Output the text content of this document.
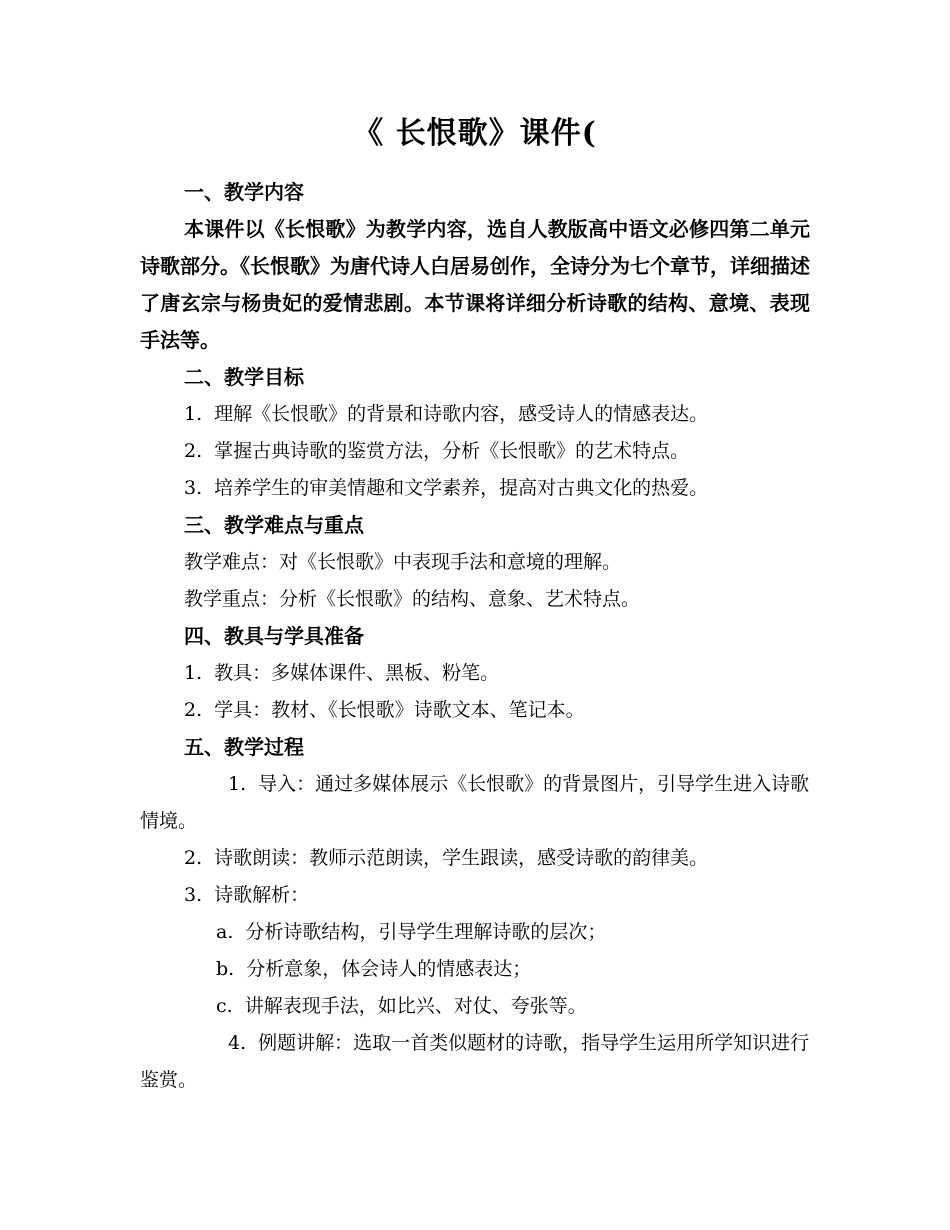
《 长恨歌》课件(
一、教学内容

本课件以《长恨歌》为教学内容，选自人教版高中语文必修四第二单元诗歌部分。《长恨歌》为唐代诗人白居易创作，全诗分为七个章节，详细描述了唐玄宗与杨贵妃的爱情悲剧。本节课将详细分析诗歌的结构、意境、表现手法等。

二、教学目标
1. 理解《长恨歌》的背景和诗歌内容，感受诗人的情感表达。
2. 掌握古典诗歌的鉴赏方法，分析《长恨歌》的艺术特点。
3. 培养学生的审美情趣和文学素养，提高对古典文化的热爱。
三、教学难点与重点
教学难点：对《长恨歌》中表现手法和意境的理解。
教学重点：分析《长恨歌》的结构、意象、艺术特点。
四、教具与学具准备
1. 教具：多媒体课件、黑板、粉笔。
2. 学具：教材、《长恨歌》诗歌文本、笔记本。
五、教学过程

1. 导入：通过多媒体展示《长恨歌》的背景图片，引导学生进入诗歌情境。

2. 诗歌朗读：教师示范朗读，学生跟读，感受诗歌的韵律美。
3. 诗歌解析：
a. 分析诗歌结构，引导学生理解诗歌的层次；
b. 分析意象，体会诗人的情感表达；
c. 讲解表现手法，如比兴、对仗、夸张等。

4. 例题讲解：选取一首类似题材的诗歌，指导学生运用所学知识进行鉴赏。
